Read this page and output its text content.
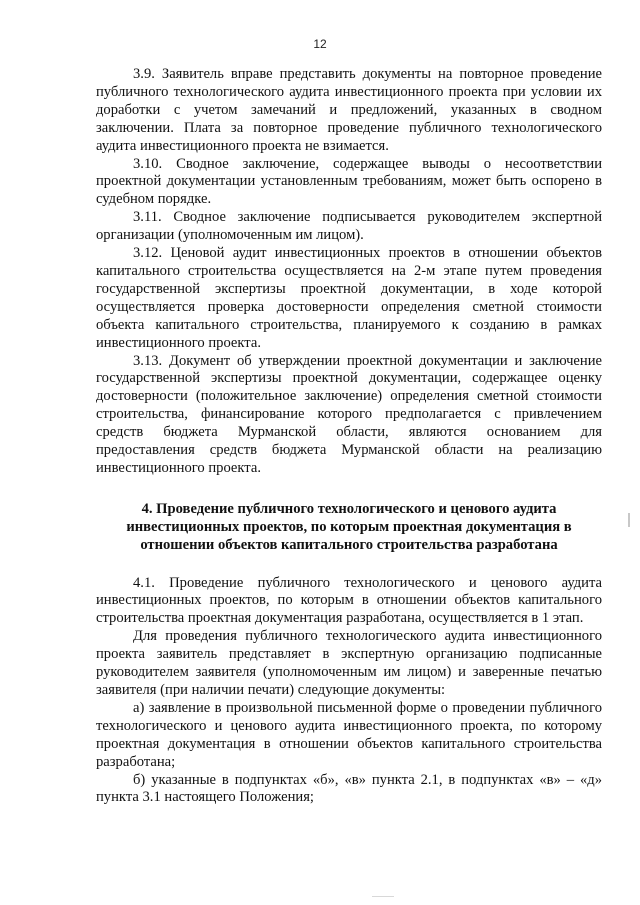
12

3.9. Заявитель вправе представить документы на повторное проведение публичного технологического аудита инвестиционного проекта при условии их доработки с учетом замечаний и предложений, указанных в сводном заключении. Плата за повторное проведение публичного технологического аудита инвестиционного проекта не взимается.

3.10. Сводное заключение, содержащее выводы о несоответствии проектной документации установленным требованиям, может быть оспорено в судебном порядке.

3.11. Сводное заключение подписывается руководителем экспертной организации (уполномоченным им лицом).

3.12. Ценовой аудит инвестиционных проектов в отношении объектов капитального строительства осуществляется на 2-м этапе путем проведения государственной экспертизы проектной документации, в ходе которой осуществляется проверка достоверности определения сметной стоимости объекта капитального строительства, планируемого к созданию в рамках инвестиционного проекта.

3.13. Документ об утверждении проектной документации и заключение государственной экспертизы проектной документации, содержащее оценку достоверности (положительное заключение) определения сметной стоимости строительства, финансирование которого предполагается с привлечением средств бюджета Мурманской области, являются основанием для предоставления средств бюджета Мурманской области на реализацию инвестиционного проекта.

4. Проведение публичного технологического и ценового аудита инвестиционных проектов, по которым проектная документация в отношении объектов капитального строительства разработана

4.1. Проведение публичного технологического и ценового аудита инвестиционных проектов, по которым в отношении объектов капитального строительства проектная документация разработана, осуществляется в 1 этап.

Для проведения публичного технологического аудита инвестиционного проекта заявитель представляет в экспертную организацию подписанные руководителем заявителя (уполномоченным им лицом) и заверенные печатью заявителя (при наличии печати) следующие документы:

а) заявление в произвольной письменной форме о проведении публичного технологического и ценового аудита инвестиционного проекта, по которому проектная документация в отношении объектов капитального строительства разработана;

б) указанные в подпунктах «б», «в» пункта 2.1, в подпунктах «в» – «д» пункта 3.1 настоящего Положения;
